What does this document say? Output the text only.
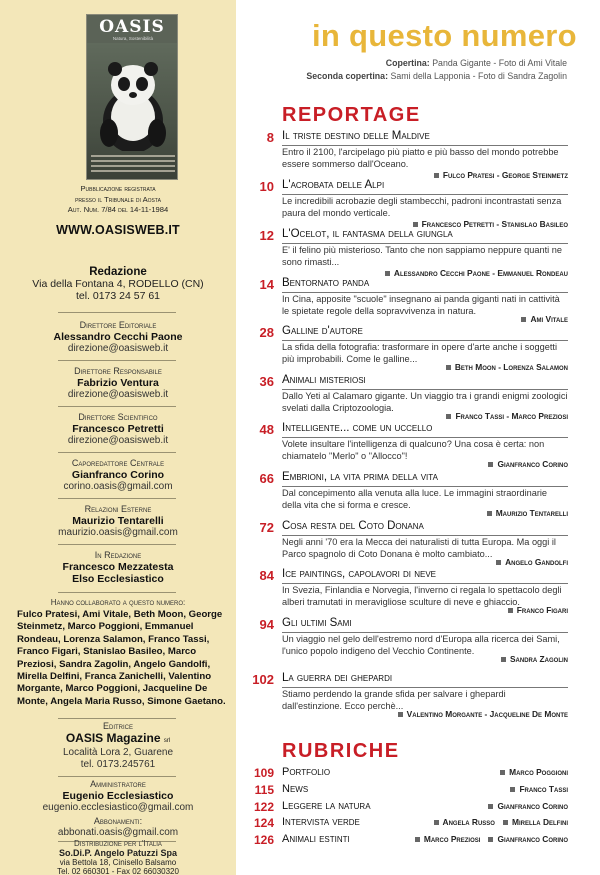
OASIS
Natura, Sostenibilità
Pubblicazione registrata
presso il Tribunale di Aosta
Aut. Num. 7/84 del 14-11-1984
WWW.OASISWEB.IT
Redazione
Via della Fontana 4, RODELLO (CN)
tel. 0173 24 57 61
Direttore Editoriale
Alessandro Cecchi Paone
direzione@oasisweb.it
Direttore Responsabile
Fabrizio Ventura
direzione@oasisweb.it
Direttore Scientifico
Francesco Petretti
direzione@oasisweb.it
Caporedattore Centrale
Gianfranco Corino
corino.oasis@gmail.com
Relazioni Esterne
Maurizio Tentarelli
maurizio.oasis@gmail.com
In Redazione
Francesco Mezzatesta
Elso Ecclesiastico
Hanno collaborato a questo numero:
Fulco Pratesi, Ami Vitale, Beth Moon, George Steinmetz, Marco Poggioni, Emmanuel Rondeau, Lorenza Salamon, Franco Tassi, Franco Figari, Stanislao Basileo, Marco Preziosi, Sandra Zagolin, Angelo Gandolfi, Mirella Delfini, Franca Zanichelli, Valentino Morgante, Marco Poggioni, Jacqueline De Monte, Angela Maria Russo, Simone Gaetano.
Editrice
OASIS Magazine srl
Località Lora 2, Guarene
tel. 0173.245761
Amministratore
Eugenio Ecclesiastico
eugenio.ecclesiastico@gmail.com
Abbonamenti:
abbonati.oasis@gmail.com
Distribuzione per l'Italia
So.Di.P. Angelo Patuzzi Spa
via Bettola 18, Cinisello Balsamo
Tel. 02 660301 - Fax 02 66030320
in questo numero
Copertina: Panda Gigante - Foto di Ami Vitale
Seconda copertina: Sami della Lapponia - Foto di Sandra Zagolin
REPORTAGE
8 Il triste destino delle Maldive
Entro il 2100, l'arcipelago più piatto e più basso del mondo potrebbe essere sommerso dall'Oceano.
Fulco Pratesi - George Steinmetz
10 L'acrobata delle Alpi
Le incredibili acrobazie degli stambecchi, padroni incontrastati senza paura del mondo verticale.
Francesco Petretti - Stanislao Basileo
12 L'Ocelot, il fantasma della giungla
E' il felino più misterioso. Tanto che non sappiamo neppure quanti ne sono rimasti...
Alessandro Cecchi Paone - Emmanuel Rondeau
14 Bentornato panda
In Cina, apposite "scuole" insegnano ai panda giganti nati in cattività le spietate regole della sopravvivenza in natura.
Ami Vitale
28 Galline d'autore
La sfida della fotografia: trasformare in opere d'arte anche i soggetti più improbabili. Come le galline...
Beth Moon - Lorenza Salamon
36 Animali misteriosi
Dallo Yeti al Calamaro gigante. Un viaggio tra i grandi enigmi zoologici svelati dalla Criptozoologia.
Franco Tassi - Marco Preziosi
48 Intelligente... come un uccello
Volete insultare l'intelligenza di qualcuno? Una cosa è certa: non chiamatelo "Merlo" o "Allocco"!
Gianfranco Corino
66 Embrioni, la vita prima della vita
Dal concepimento alla venuta alla luce. Le immagini straordinarie della vita che si forma e cresce.
Maurizio Tentarelli
72 Cosa resta del Coto Donana
Negli anni '70 era la Mecca dei naturalisti di tutta Europa. Ma oggi il Parco spagnolo di Coto Donana è molto cambiato...
Angelo Gandolfi
84 Ice paintings, capolavori di neve
In Svezia, Finlandia e Norvegia, l'inverno ci regala lo spettacolo degli alberi tramutati in meravigliose sculture di neve e ghiaccio.
Franco Figari
94 Gli ultimi Sami
Un viaggio nel gelo dell'estremo nord d'Europa alla ricerca dei Sami, l'unico popolo indigeno del Vecchio Continente.
Sandra Zagolin
102 La guerra dei ghepardi
Stiamo perdendo la grande sfida per salvare i ghepardi dall'estinzione. Ecco perchè...
Valentino Morgante - Jacqueline De Monte
RUBRICHE
109 Portfolio	Marco Poggioni
115 News	Franco Tassi
122 Leggere la natura	Gianfranco Corino
124 Intervista verde	Angela Russo Mirella Delfini
126 Animali estinti	Marco Preziosi Gianfranco Corino
